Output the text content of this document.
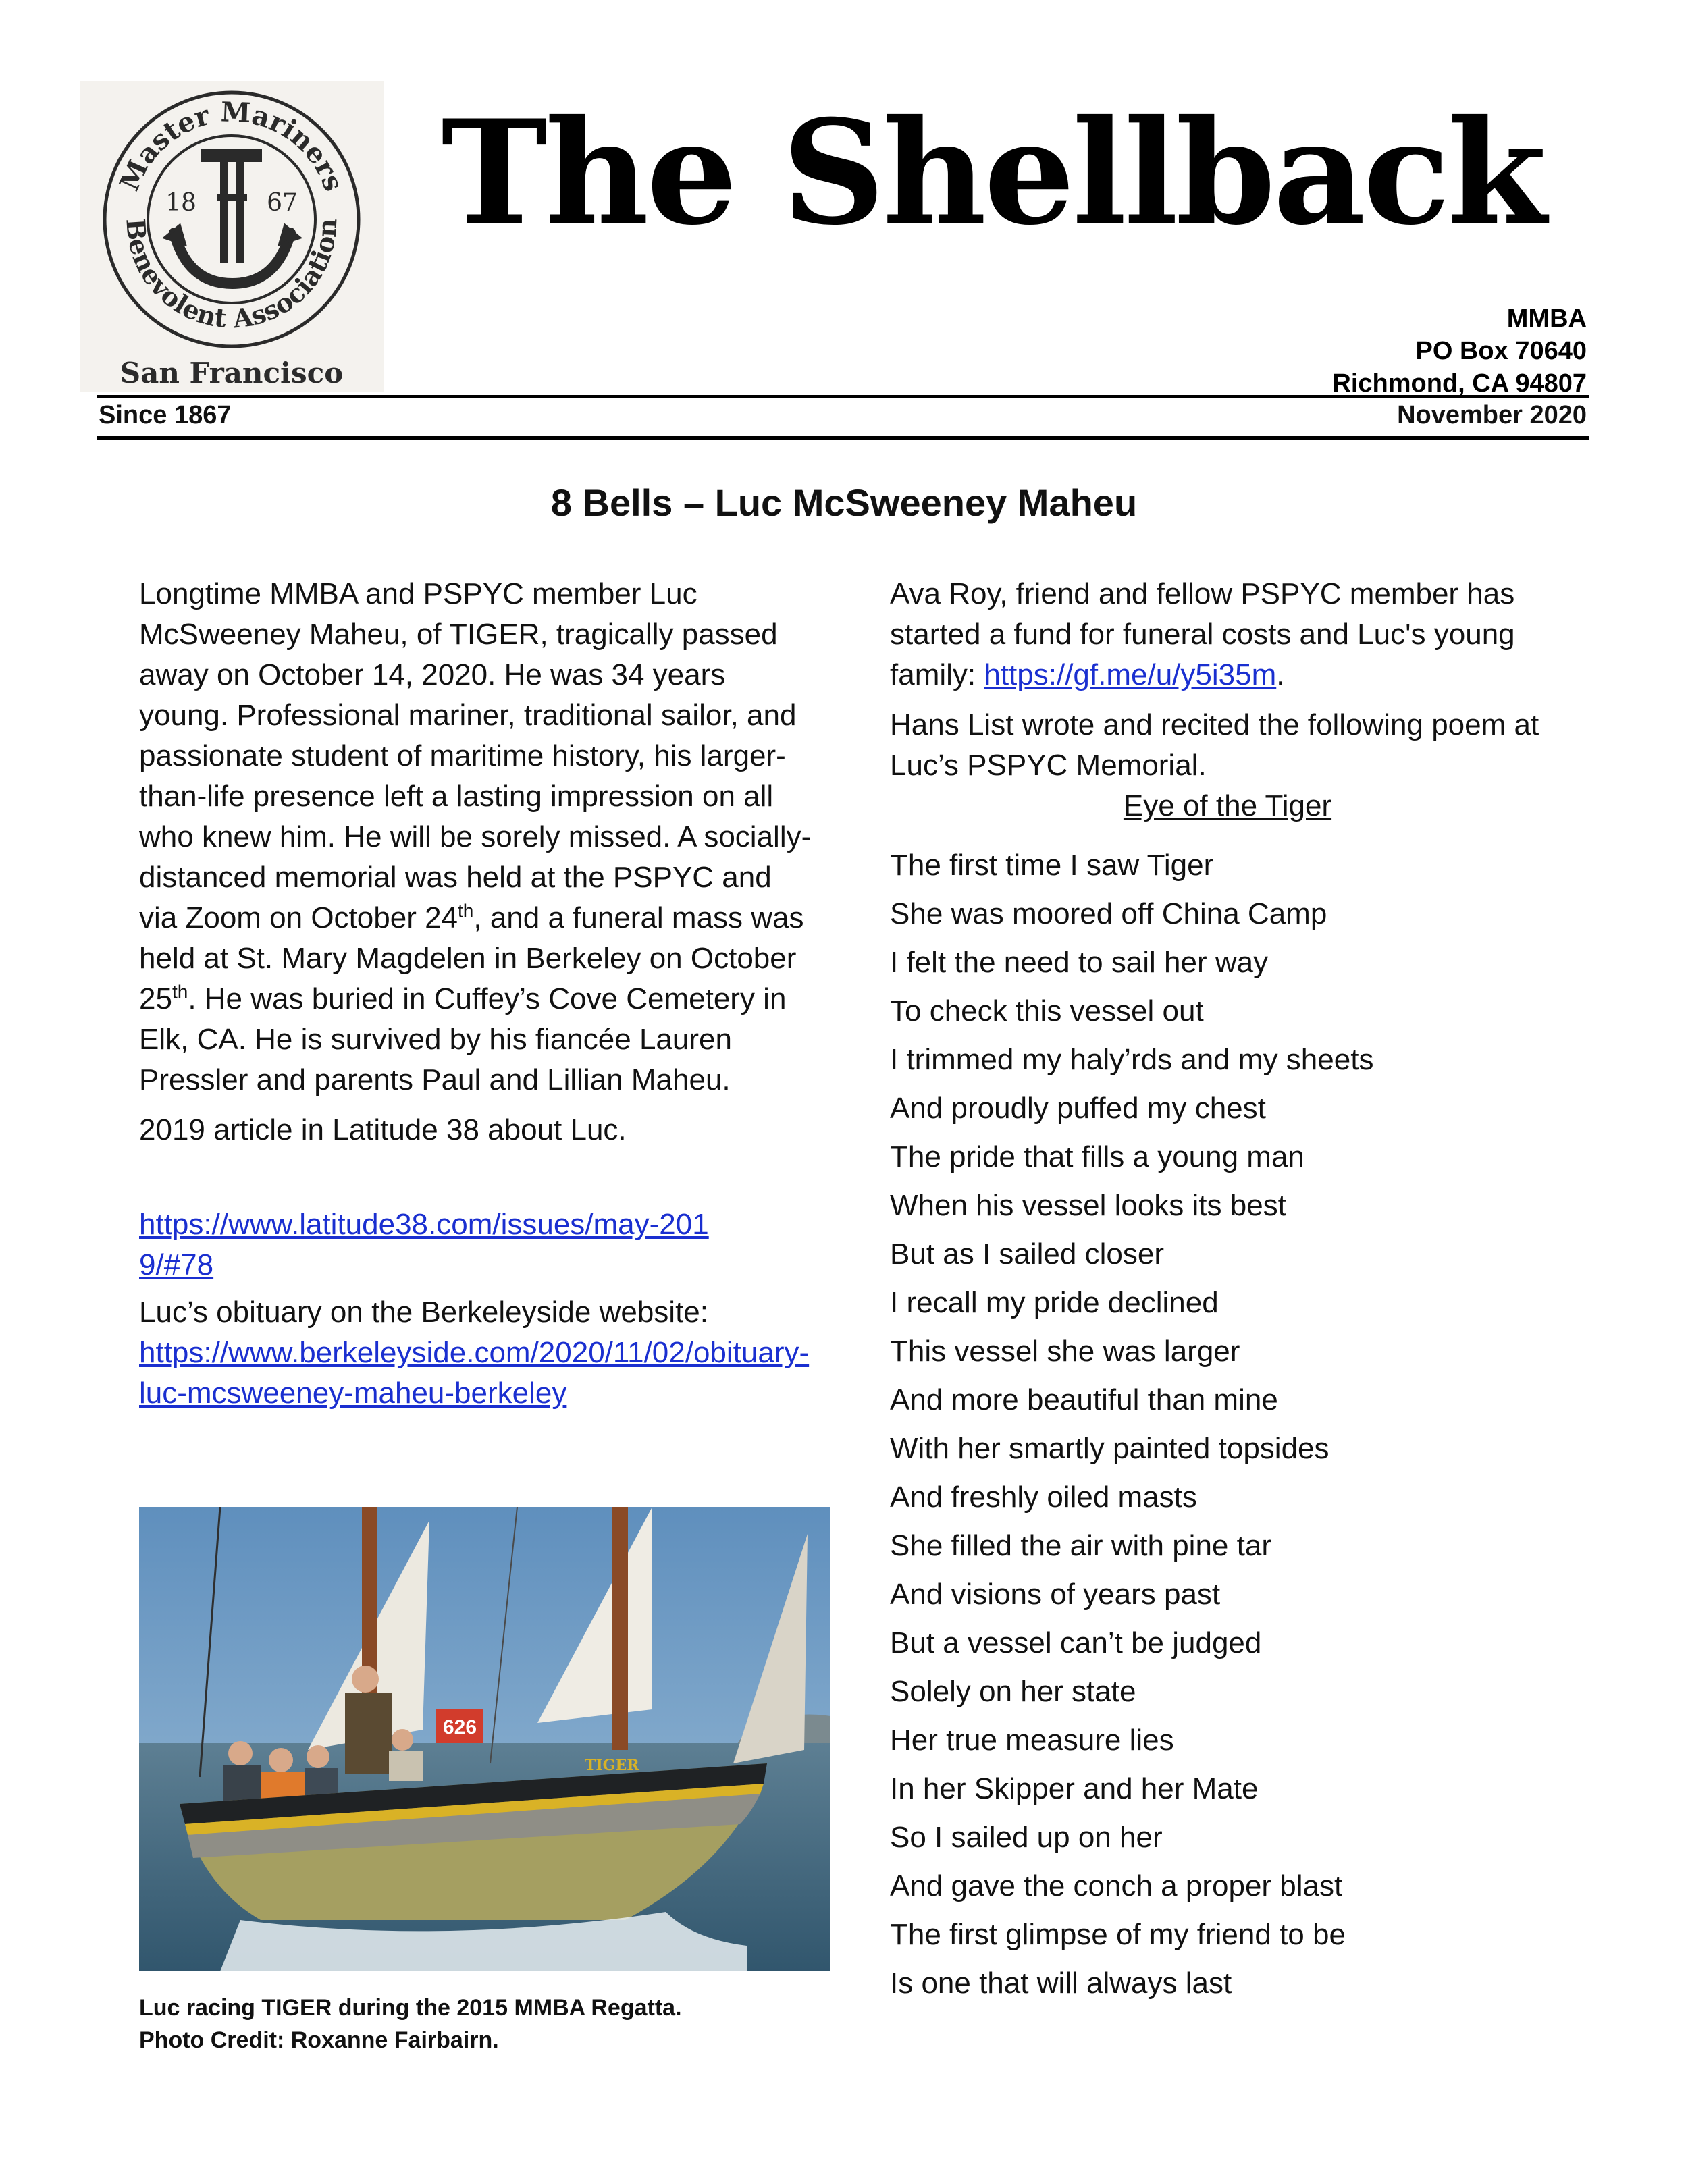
Master Mariners
Benevolent Association
18	67
San Francisco
The Shellback
MMBA
PO Box 70640
Richmond, CA 94807
Since 1867	November 2020
8 Bells – Luc McSweeney Maheu

Longtime MMBA and PSPYC member Luc McSweeney Maheu, of TIGER, tragically passed away on October 14, 2020. He was 34 years young. Professional mariner, traditional sailor, and passionate student of maritime history, his larger-than-life presence left a lasting impression on all who knew him. He will be sorely missed. A socially-distanced memorial was held at the PSPYC and via Zoom on October 24th, and a funeral mass was held at St. Mary Magdelen in Berkeley on October 25th. He was buried in Cuffey’s Cove Cemetery in Elk, CA. He is survived by his fiancée Lauren Pressler and parents Paul and Lillian Maheu.

2019 article in Latitude 38 about Luc.

https://www.latitude38.com/issues/may-2019/#78

Luc’s obituary on the Berkeleyside website:

https://www.berkeleyside.com/2020/11/02/obituary-luc-mcsweeney-maheu-berkeley

626
TIGER
Luc racing TIGER during the 2015 MMBA Regatta.
Photo Credit: Roxanne Fairbairn.

Ava Roy, friend and fellow PSPYC member has started a fund for funeral costs and Luc's young family: https://gf.me/u/y5i35m.

Hans List wrote and recited the following poem at Luc’s PSPYC Memorial.

Eye of the Tiger

The first time I saw Tiger
She was moored off China Camp
I felt the need to sail her way
To check this vessel out
I trimmed my haly’rds and my sheets
And proudly puffed my chest
The pride that fills a young man
When his vessel looks its best
But as I sailed closer
I recall my pride declined
This vessel she was larger
And more beautiful than mine
With her smartly painted topsides
And freshly oiled masts
She filled the air with pine tar
And visions of years past
But a vessel can’t be judged
Solely on her state
Her true measure lies
In her Skipper and her Mate
So I sailed up on her
And gave the conch a proper blast
The first glimpse of my friend to be
Is one that will always last
